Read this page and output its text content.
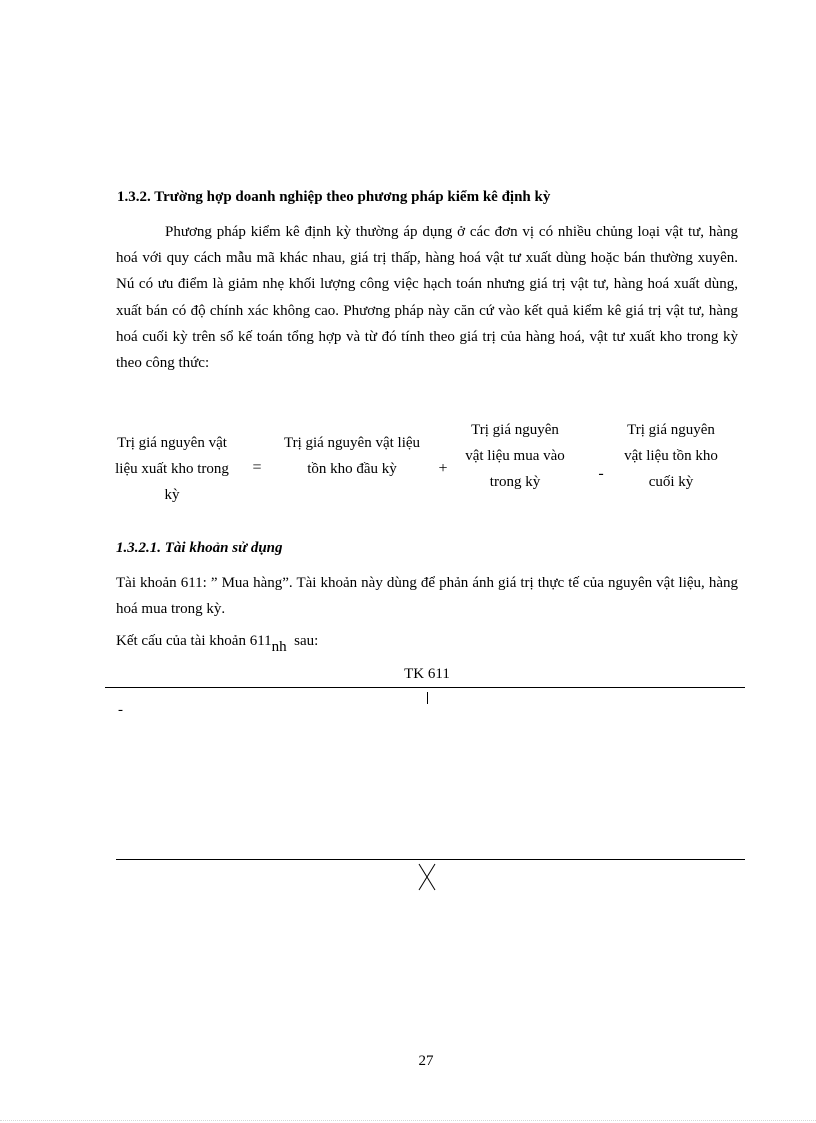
1.3.2. Trường hợp doanh nghiệp theo phương pháp kiểm kê định kỳ
Phương pháp kiểm kê định kỳ thường áp dụng ở các đơn vị có nhiều chủng loại vật tư, hàng hoá với quy cách mẫu mã khác nhau, giá trị thấp, hàng hoá vật tư xuất dùng hoặc bán thường xuyên. Nú có ưu điểm là giảm nhẹ khối lượng công việc hạch toán nhưng giá trị vật tư, hàng hoá xuất dùng, xuất bán có độ chính xác không cao. Phương pháp này căn cứ vào kết quả kiểm kê giá trị vật tư, hàng hoá cuối kỳ trên sổ kế toán tổng hợp và từ đó tính theo giá trị của hàng hoá, vật tư xuất kho trong kỳ theo công thức:
Trị giá nguyên vật liệu xuất kho trong kỳ
=
Trị giá nguyên vật liệu tồn kho đầu kỳ	+
Trị giá nguyên vật liệu mua vào trong kỳ	-
Trị giá nguyên vật liệu tồn kho cuối kỳ
1.3.2.1. Tài khoản sử dụng
Tài khoản 611: ” Mua hàng”. Tài khoản này dùng để phản ánh giá trị thực tế của nguyên vật liệu, hàng hoá mua trong kỳ.
Kết cấu của tài khoản $611_{nh}$ sau:
TK 611
-
27
